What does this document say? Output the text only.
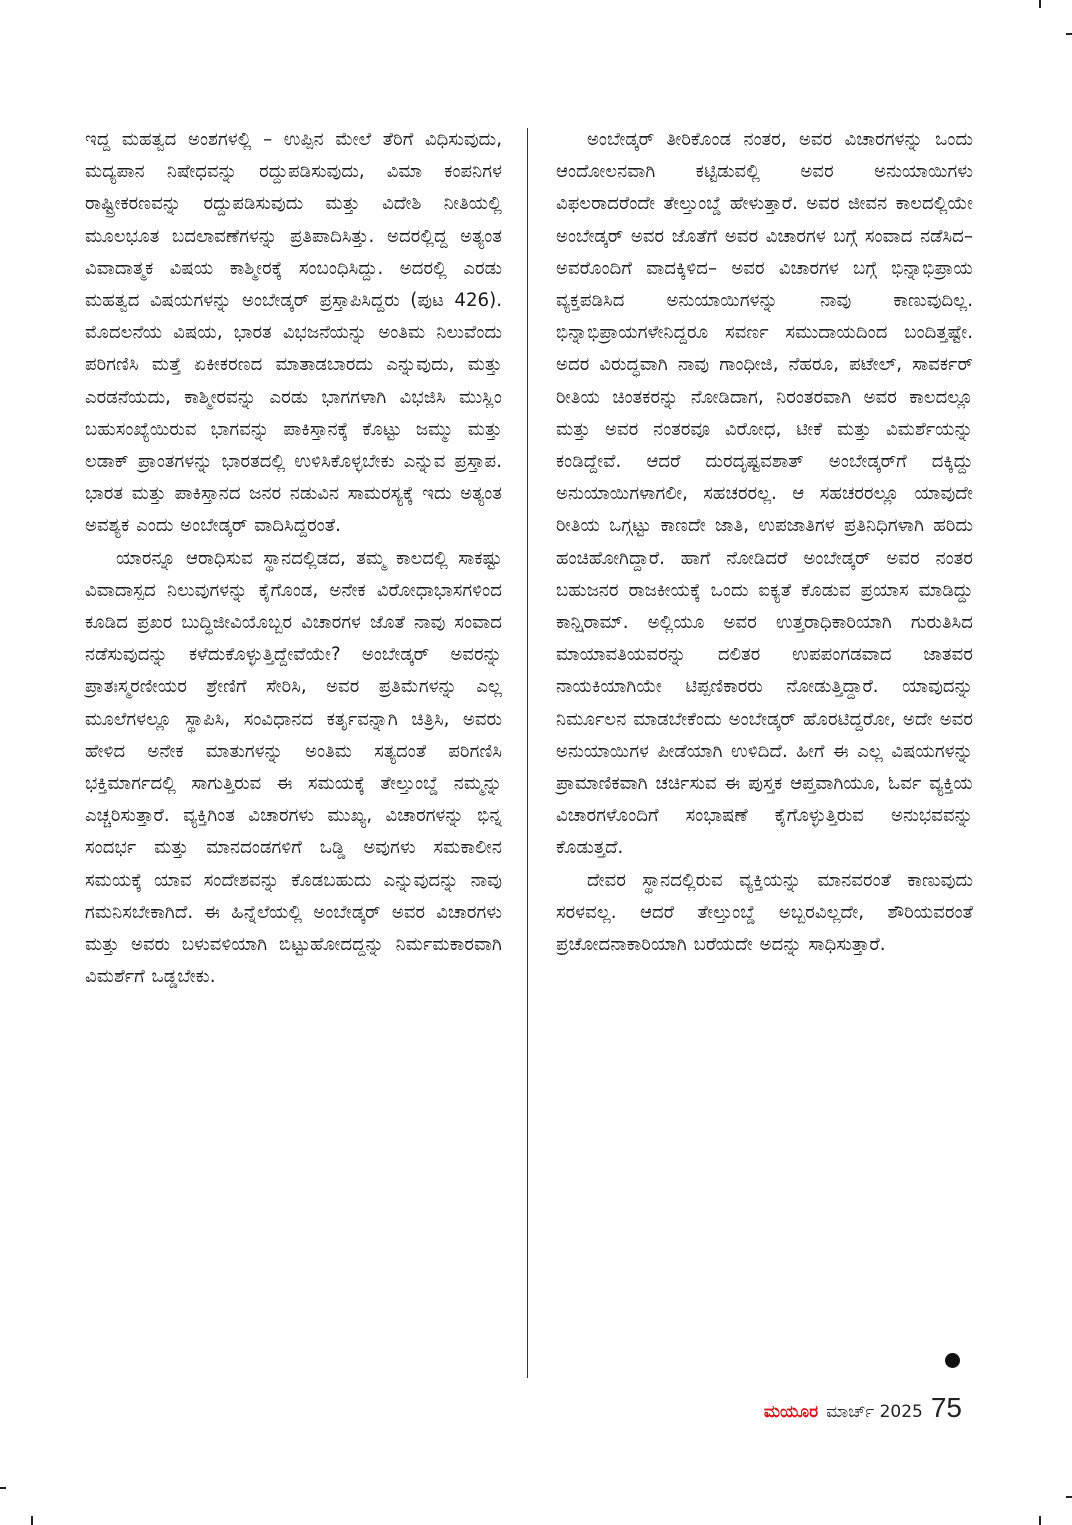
ಇದ್ದ ಮಹತ್ವದ ಅಂಶಗಳಲ್ಲಿ – ಉಪ್ಪಿನ ಮೇಲೆ ತೆರಿಗೆ ವಿಧಿಸುವುದು, ಮದ್ಯಪಾನ ನಿಷೇಧವನ್ನು ರದ್ದುಪಡಿಸುವುದು, ವಿಮಾ ಕಂಪನಿಗಳ ರಾಷ್ಟ್ರೀಕರಣವನ್ನು ರದ್ದುಪಡಿಸುವುದು ಮತ್ತು ವಿದೇಶಿ ನೀತಿಯಲ್ಲಿ ಮೂಲಭೂತ ಬದಲಾವಣೆಗಳನ್ನು ಪ್ರತಿಪಾದಿಸಿತ್ತು. ಅದರಲ್ಲಿದ್ದ ಅತ್ಯಂತ ವಿವಾದಾತ್ಮಕ ವಿಷಯ ಕಾಶ್ಮೀರಕ್ಕೆ ಸಂಬಂಧಿಸಿದ್ದು. ಅದರಲ್ಲಿ ಎರಡು ಮಹತ್ವದ ವಿಷಯಗಳನ್ನು ಅಂಬೇಡ್ಕರ್ ಪ್ರಸ್ತಾಪಿಸಿದ್ದರು (ಪುಟ 426). ಮೊದಲನೆಯ ವಿಷಯ, ಭಾರತ ವಿಭಜನೆಯನ್ನು ಅಂತಿಮ ನಿಲುವೆಂದು ಪರಿಗಣಿಸಿ ಮತ್ತೆ ಏಕೀಕರಣದ ಮಾತಾಡಬಾರದು ಎನ್ನುವುದು, ಮತ್ತು ಎರಡನೆಯದು, ಕಾಶ್ಮೀರವನ್ನು ಎರಡು ಭಾಗಗಳಾಗಿ ವಿಭಜಿಸಿ ಮುಸ್ಲಿಂ ಬಹುಸಂಖ್ಯೆಯಿರುವ ಭಾಗವನ್ನು ಪಾಕಿಸ್ತಾನಕ್ಕೆ ಕೊಟ್ಟು ಜಮ್ಮು ಮತ್ತು ಲಡಾಕ್ ಪ್ರಾಂತಗಳನ್ನು ಭಾರತದಲ್ಲಿ ಉಳಿಸಿಕೊಳ್ಳಬೇಕು ಎನ್ನುವ ಪ್ರಸ್ತಾಪ. ಭಾರತ ಮತ್ತು ಪಾಕಿಸ್ತಾನದ ಜನರ ನಡುವಿನ ಸಾಮರಸ್ಯಕ್ಕೆ ಇದು ಅತ್ಯಂತ ಅವಶ್ಯಕ ಎಂದು ಅಂಬೇಡ್ಕರ್ ವಾದಿಸಿದ್ದರಂತೆ.

ಯಾರನ್ನೂ ಆರಾಧಿಸುವ ಸ್ಥಾನದಲ್ಲಿಡದ, ತಮ್ಮ ಕಾಲದಲ್ಲಿ ಸಾಕಷ್ಟು ವಿವಾದಾಸ್ಪದ ನಿಲುವುಗಳನ್ನು ಕೈಗೊಂಡ, ಅನೇಕ ವಿರೋಧಾಭಾಸಗಳಿಂದ ಕೂಡಿದ ಪ್ರಖರ ಬುದ್ಧಿಜೀವಿಯೊಬ್ಬರ ವಿಚಾರಗಳ ಜೊತೆ ನಾವು ಸಂವಾದ ನಡೆಸುವುದನ್ನು ಕಳೆದುಕೊಳ್ಳುತ್ತಿದ್ದೇವೆಯೇ? ಅಂಬೇಡ್ಕರ್ ಅವರನ್ನು ಪ್ರಾತಃಸ್ಮರಣೀಯರ ಶ್ರೇಣಿಗೆ ಸೇರಿಸಿ, ಅವರ ಪ್ರತಿಮೆಗಳನ್ನು ಎಲ್ಲ ಮೂಲೆಗಳಲ್ಲೂ ಸ್ಥಾಪಿಸಿ, ಸಂವಿಧಾನದ ಕರ್ತೃವನ್ನಾಗಿ ಚಿತ್ರಿಸಿ, ಅವರು ಹೇಳಿದ ಅನೇಕ ಮಾತುಗಳನ್ನು ಅಂತಿಮ ಸತ್ಯದಂತೆ ಪರಿಗಣಿಸಿ ಭಕ್ತಿಮಾರ್ಗದಲ್ಲಿ ಸಾಗುತ್ತಿರುವ ಈ ಸಮಯಕ್ಕೆ ತೇಲ್ತುಂಬ್ಡೆ ನಮ್ಮನ್ನು ಎಚ್ಚರಿಸುತ್ತಾರೆ. ವ್ಯಕ್ತಿಗಿಂತ ವಿಚಾರಗಳು ಮುಖ್ಯ, ವಿಚಾರಗಳನ್ನು ಭಿನ್ನ ಸಂದರ್ಭ ಮತ್ತು ಮಾನದಂಡಗಳಿಗೆ ಒಡ್ಡಿ ಅವುಗಳು ಸಮಕಾಲೀನ ಸಮಯಕ್ಕೆ ಯಾವ ಸಂದೇಶವನ್ನು ಕೊಡಬಹುದು ಎನ್ನುವುದನ್ನು ನಾವು ಗಮನಿಸಬೇಕಾಗಿದೆ. ಈ ಹಿನ್ನೆಲೆಯಲ್ಲಿ ಅಂಬೇಡ್ಕರ್ ಅವರ ವಿಚಾರಗಳು ಮತ್ತು ಅವರು ಬಳುವಳಿಯಾಗಿ ಬಿಟ್ಟುಹೋದದ್ದನ್ನು ನಿರ್ಮಮಕಾರವಾಗಿ ವಿಮರ್ಶೆಗೆ ಒಡ್ಡಬೇಕು.

ಅಂಬೇಡ್ಕರ್ ತೀರಿಕೊಂಡ ನಂತರ, ಅವರ ವಿಚಾರಗಳನ್ನು ಒಂದು ಆಂದೋಲನವಾಗಿ ಕಟ್ಟಿಡುವಲ್ಲಿ ಅವರ ಅನುಯಾಯಿಗಳು ವಿಫಲರಾದರೆಂದೇ ತೇಲ್ತುಂಬ್ಡೆ ಹೇಳುತ್ತಾರೆ. ಅವರ ಜೀವನ ಕಾಲದಲ್ಲಿಯೇ ಅಂಬೇಡ್ಕರ್ ಅವರ ಜೊತೆಗೆ ಅವರ ವಿಚಾರಗಳ ಬಗ್ಗೆ ಸಂವಾದ ನಡೆಸಿದ– ಅವರೊಂದಿಗೆ ವಾದಕ್ಕಿಳಿದ– ಅವರ ವಿಚಾರಗಳ ಬಗ್ಗೆ ಭಿನ್ನಾಭಿಪ್ರಾಯ ವ್ಯಕ್ತಪಡಿಸಿದ ಅನುಯಾಯಿಗಳನ್ನು ನಾವು ಕಾಣುವುದಿಲ್ಲ. ಭಿನ್ನಾಭಿಪ್ರಾಯಗಳೇನಿದ್ದರೂ ಸವರ್ಣ ಸಮುದಾಯದಿಂದ ಬಂದಿತ್ತಷ್ಟೇ. ಅದರ ವಿರುದ್ಧವಾಗಿ ನಾವು ಗಾಂಧೀಜಿ, ನೆಹರೂ, ಪಟೇಲ್, ಸಾವರ್ಕರ್ ರೀತಿಯ ಚಿಂತಕರನ್ನು ನೋಡಿದಾಗ, ನಿರಂತರವಾಗಿ ಅವರ ಕಾಲದಲ್ಲೂ ಮತ್ತು ಅವರ ನಂತರವೂ ವಿರೋಧ, ಟೀಕೆ ಮತ್ತು ವಿಮರ್ಶೆಯನ್ನು ಕಂಡಿದ್ದೇವೆ. ಆದರೆ ದುರದೃಷ್ಟವಶಾತ್ ಅಂಬೇಡ್ಕರ್‌ಗೆ ದಕ್ಕಿದ್ದು ಅನುಯಾಯಿಗಳಾಗಲೀ, ಸಹಚರರಲ್ಲ. ಆ ಸಹಚರರಲ್ಲೂ ಯಾವುದೇ ರೀತಿಯ ಒಗ್ಗಟ್ಟು ಕಾಣದೇ ಜಾತಿ, ಉಪಜಾತಿಗಳ ಪ್ರತಿನಿಧಿಗಳಾಗಿ ಹರಿದು ಹಂಚಿಹೋಗಿದ್ದಾರೆ. ಹಾಗೆ ನೋಡಿದರೆ ಅಂಬೇಡ್ಕರ್ ಅವರ ನಂತರ ಬಹುಜನರ ರಾಜಕೀಯಕ್ಕೆ ಒಂದು ಐಕ್ಯತೆ ಕೊಡುವ ಪ್ರಯಾಸ ಮಾಡಿದ್ದು ಕಾನ್ಷಿರಾಮ್. ಅಲ್ಲಿಯೂ ಅವರ ಉತ್ತರಾಧಿಕಾರಿಯಾಗಿ ಗುರುತಿಸಿದ ಮಾಯಾವತಿಯವರನ್ನು ದಲಿತರ ಉಪಪಂಗಡವಾದ ಜಾತವರ ನಾಯಕಿಯಾಗಿಯೇ ಟಿಪ್ಪಣಿಕಾರರು ನೋಡುತ್ತಿದ್ದಾರೆ. ಯಾವುದನ್ನು ನಿರ್ಮೂಲನ ಮಾಡಬೇಕೆಂದು ಅಂಬೇಡ್ಕರ್ ಹೊರಟಿದ್ದರೋ, ಅದೇ ಅವರ ಅನುಯಾಯಿಗಳ ಪೀಡೆಯಾಗಿ ಉಳಿದಿದೆ. ಹೀಗೆ ಈ ಎಲ್ಲ ವಿಷಯಗಳನ್ನು ಪ್ರಾಮಾಣಿಕವಾಗಿ ಚರ್ಚಿಸುವ ಈ ಪುಸ್ತಕ ಆಪ್ತವಾಗಿಯೂ, ಓರ್ವ ವ್ಯಕ್ತಿಯ ವಿಚಾರಗಳೊಂದಿಗೆ ಸಂಭಾಷಣೆ ಕೈಗೊಳ್ಳುತ್ತಿರುವ ಅನುಭವವನ್ನು ಕೊಡುತ್ತದೆ.

ದೇವರ ಸ್ಥಾನದಲ್ಲಿರುವ ವ್ಯಕ್ತಿಯನ್ನು ಮಾನವರಂತೆ ಕಾಣುವುದು ಸರಳವಲ್ಲ. ಆದರೆ ತೇಲ್ತುಂಬ್ಡೆ ಅಬ್ಬರವಿಲ್ಲದೇ, ಶೌರಿಯವರಂತೆ ಪ್ರಚೋದನಾಕಾರಿಯಾಗಿ ಬರೆಯದೇ ಅದನ್ನು ಸಾಧಿಸುತ್ತಾರೆ.

ಮಯೂರ ಮಾರ್ಚ್ 2025 75
